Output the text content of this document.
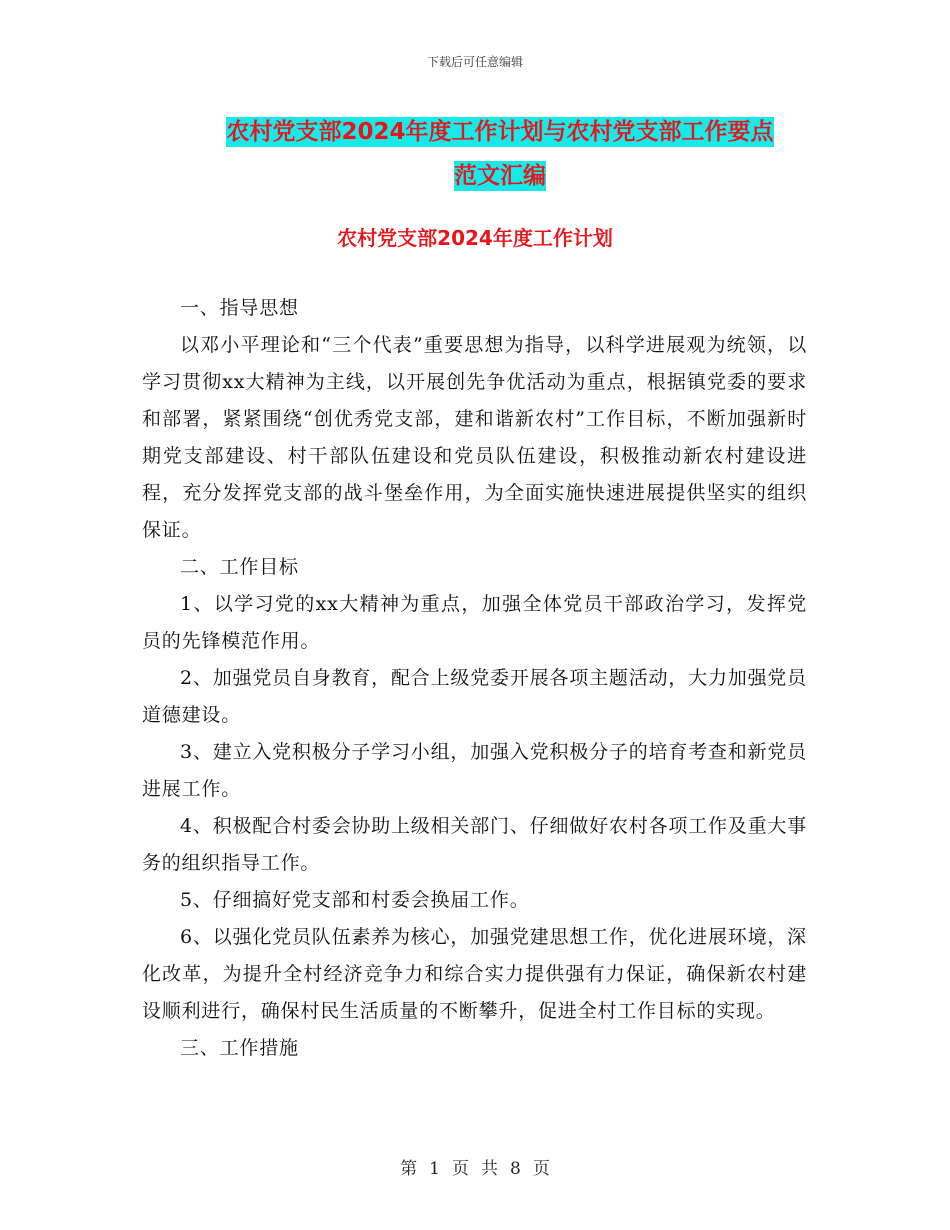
下载后可任意编辑
农村党支部2024年度工作计划与农村党支部工作要点
范文汇编
农村党支部2024年度工作计划

一、指导思想

以邓小平理论和“三个代表”重要思想为指导，以科学进展观为统领，以学习贯彻xx大精神为主线，以开展创先争优活动为重点，根据镇党委的要求和部署，紧紧围绕“创优秀党支部，建和谐新农村”工作目标，不断加强新时期党支部建设、村干部队伍建设和党员队伍建设，积极推动新农村建设进程，充分发挥党支部的战斗堡垒作用，为全面实施快速进展提供坚实的组织保证。

二、工作目标

1、以学习党的xx大精神为重点，加强全体党员干部政治学习，发挥党员的先锋模范作用。

2、加强党员自身教育，配合上级党委开展各项主题活动，大力加强党员道德建设。

3、建立入党积极分子学习小组，加强入党积极分子的培育考查和新党员进展工作。

4、积极配合村委会协助上级相关部门、仔细做好农村各项工作及重大事务的组织指导工作。

5、仔细搞好党支部和村委会换届工作。

6、以强化党员队伍素养为核心，加强党建思想工作，优化进展环境，深化改革，为提升全村经济竞争力和综合实力提供强有力保证，确保新农村建设顺利进行，确保村民生活质量的不断攀升，促进全村工作目标的实现。

三、工作措施

第 1 页 共 8 页
